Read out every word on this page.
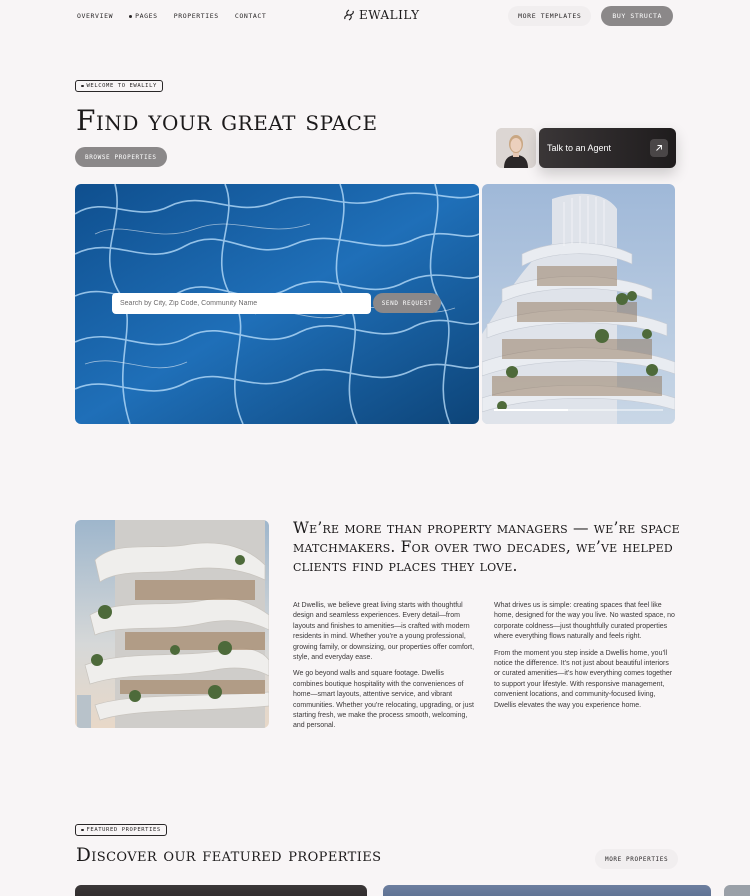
OVERVIEW	PAGES PROPERTIES CONTACT	EWALILY	MORE TEMPLATES	BUY STRUCTA
WELCOME TO EWALILY
Find your great space
BROWSE PROPERTIES
Talk to an Agent
Search by City, Zip Code, Community Name
SEND REQUEST

We’re more than property managers — we’re space matchmakers. For over two decades, we’ve helped clients find places they love.

At Dwellis, we believe great living starts with thoughtful design and seamless experiences. Every detail—from layouts and finishes to amenities—is crafted with modern residents in mind. Whether you’re a young professional, growing family, or downsizing, our properties offer comfort, style, and everyday ease.

We go beyond walls and square footage. Dwellis combines boutique hospitality with the conveniences of home—smart layouts, attentive service, and vibrant communities. Whether you’re relocating, upgrading, or just starting fresh, we make the process smooth, welcoming, and personal.

What drives us is simple: creating spaces that feel like home, designed for the way you live. No wasted space, no corporate coldness—just thoughtfully curated properties where everything flows naturally and feels right.

From the moment you step inside a Dwellis home, you’ll notice the difference. It’s not just about beautiful interiors or curated amenities—it’s how everything comes together to support your lifestyle. With responsive management, convenient locations, and community-focused living, Dwellis elevates the way you experience home.

FEATURED PROPERTIES
Discover our featured properties	MORE PROPERTIES
